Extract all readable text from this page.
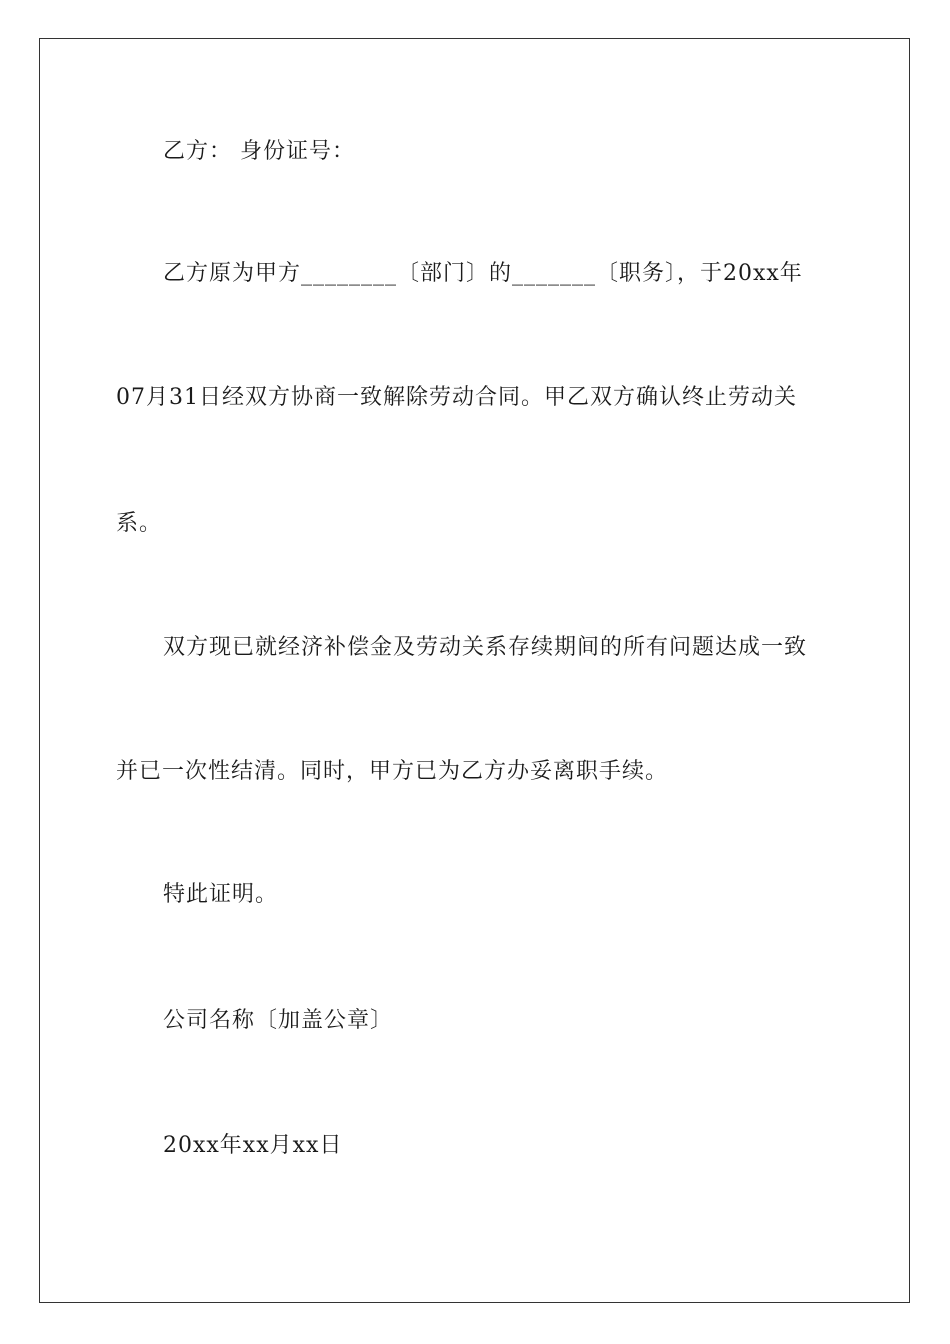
乙方： 身份证号：
乙方原为甲方________〔部门〕的_______〔职务〕，于20xx年
07月31日经双方协商一致解除劳动合同。甲乙双方确认终止劳动关
系。
双方现已就经济补偿金及劳动关系存续期间的所有问题达成一致
并已一次性结清。同时，甲方已为乙方办妥离职手续。
特此证明。
公司名称〔加盖公章〕
20xx年xx月xx日
